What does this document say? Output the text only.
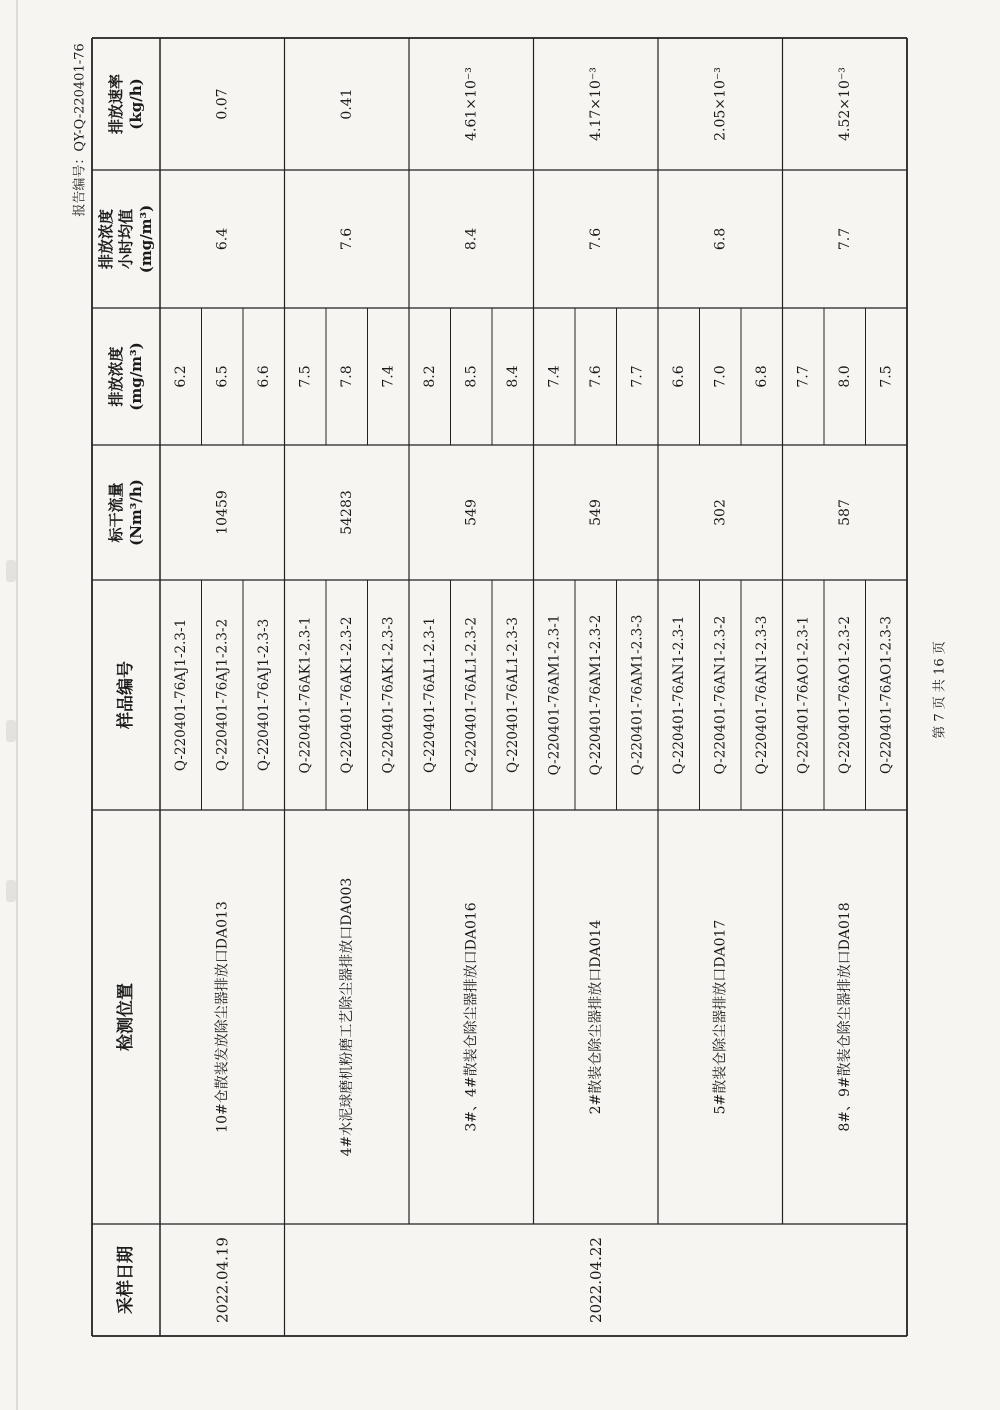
采样日期
检测位置
样品编号
标干流量 (Nm³/h)
排放浓度 (mg/m³)
排放浓度 小时均值 (mg/m³)
排放速率 (kg/h)
2022.04.19	2022.04.22
10#仓散装发放除尘器排放口DA013
Q-220401-76AJ1-2.3-1 Q-220401-76AJ1-2.3-2 Q-220401-76AJ1-2.3-3
10459
6.2 6.5 6.6
6.4
0.07
4#水泥球磨机粉磨工艺除尘器排放口DA003
Q-220401-76AK1-2.3-1 Q-220401-76AK1-2.3-2 Q-220401-76AK1-2.3-3
54283
7.5 7.8 7.4
7.6
0.41
3#、4#散装仓除尘器排放口DA016
Q-220401-76AL1-2.3-1 Q-220401-76AL1-2.3-2 Q-220401-76AL1-2.3-3
549
8.2 8.5 8.4
8.4
4.61×10⁻³
2#散装仓除尘器排放口DA014
Q-220401-76AM1-2.3-1 Q-220401-76AM1-2.3-2 Q-220401-76AM1-2.3-3
549
7.4 7.6 7.7
7.6
4.17×10⁻³
5#散装仓除尘器排放口DA017
Q-220401-76AN1-2.3-1 Q-220401-76AN1-2.3-2 Q-220401-76AN1-2.3-3
302
6.6 7.0 6.8
6.8
2.05×10⁻³
8#、9#散装仓除尘器排放口DA018
Q-220401-76AO1-2.3-1 Q-220401-76AO1-2.3-2 Q-220401-76AO1-2.3-3
587
7.7 8.0 7.5
7.7
4.52×10⁻³
报告编号：QY-Q-220401-76
第 7 页 共 16 页
